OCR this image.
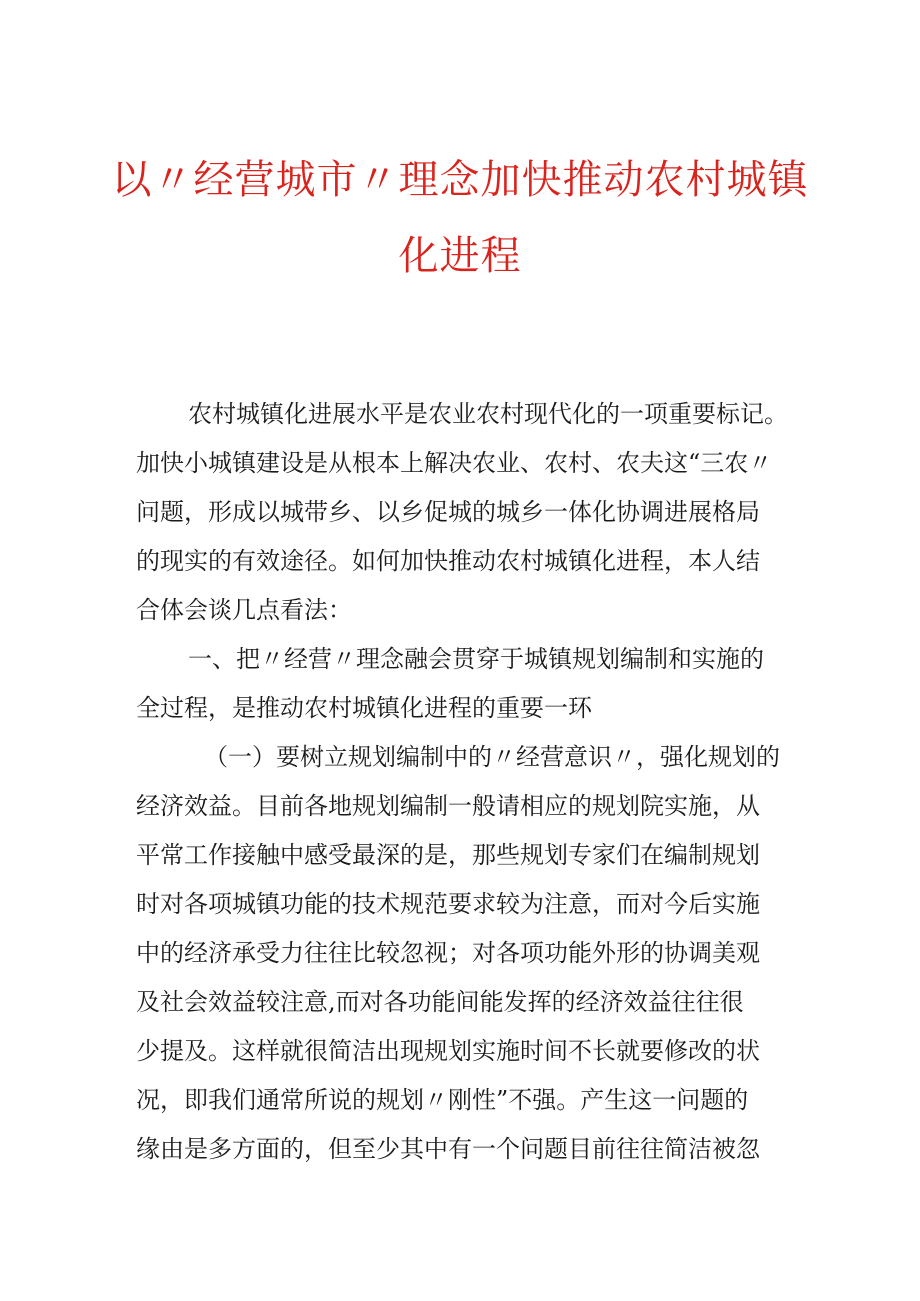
以〃经营城市〃理念加快推动农村城镇
化进程

农村城镇化进展水平是农业农村现代化的一项重要标记。

加快小城镇建设是从根本上解决农业、农村、农夫这“三农〃

问题，形成以城带乡、以乡促城的城乡一体化协调进展格局

的现实的有效途径。如何加快推动农村城镇化进程，本人结

合体会谈几点看法：

一、把〃经营〃理念融会贯穿于城镇规划编制和实施的

全过程，是推动农村城镇化进程的重要一环

（一）要树立规划编制中的〃经营意识〃，强化规划的

经济效益。目前各地规划编制一般请相应的规划院实施，从

平常工作接触中感受最深的是，那些规划专家们在编制规划

时对各项城镇功能的技术规范要求较为注意，而对今后实施

中的经济承受力往往比较忽视；对各项功能外形的协调美观

及社会效益较注意,而对各功能间能发挥的经济效益往往很

少提及。这样就很简洁出现规划实施时间不长就要修改的状

况，即我们通常所说的规划〃刚性”不强。产生这一问题的

缘由是多方面的，但至少其中有一个问题目前往往简洁被忽
